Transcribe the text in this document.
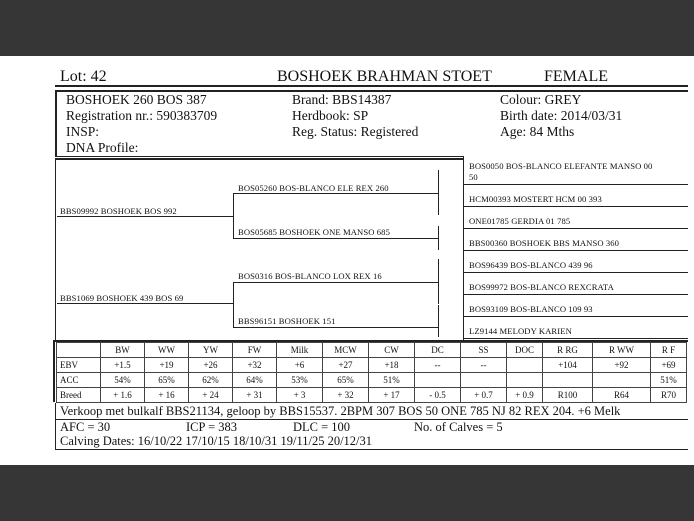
Lot: 42	BOSHOEK BRAHMAN STOET	FEMALE
BOSHOEK 260 BOS 387
Registration nr.: 590383709
INSP:
DNA Profile:
Brand: BBS14387
Herdbook: SP
Reg. Status: Registered
Colour: GREY
Birth date: 2014/03/31
Age: 84 Mths
BBS09992 BOSHOEK BOS 992
BOS05260 BOS-BLANCO ELE REX 260
BOS05685 BOSHOEK ONE MANSO 685
BBS1069 BOSHOEK 439 BOS 69
BOS0316 BOS-BLANCO LOX REX 16
BBS96151 BOSHOEK 151
BOS0050 BOS-BLANCO ELEFANTE MANSO 00
50
HCM00393 MOSTERT HCM 00 393
ONE01785 GERDIA 01 785
BBS00360 BOSHOEK BBS MANSO 360
BOS96439 BOS-BLANCO 439 96
BOS99972 BOS-BLANCO REXCRATA
BOS93109 BOS-BLANCO 109 93
LZ9144 MELODY KARIEN
	BW	WW	YW	FW	Milk	MCW	CW	DC	SS	DOC	R RG	R WW	R F
EBV	+1.5	+19	+26	+32	+6	+27	+18	--	--		+104	+92	+69
ACC	54%	65%	62%	64%	53%	65%	51%						51%
Breed	+ 1.6	+ 16	+ 24	+ 31	+ 3	+ 32	+ 17	- 0.5	+ 0.7	+ 0.9	R100	R64	R70
Verkoop met bulkalf BBS21134, geloop by BBS15537. 2BPM 307 BOS 50 ONE 785 NJ 82 REX 204. +6 Melk
AFC = 30	ICP = 383	DLC = 100	No. of Calves = 5
Calving Dates: 16/10/22 17/10/15 18/10/31 19/11/25 20/12/31
